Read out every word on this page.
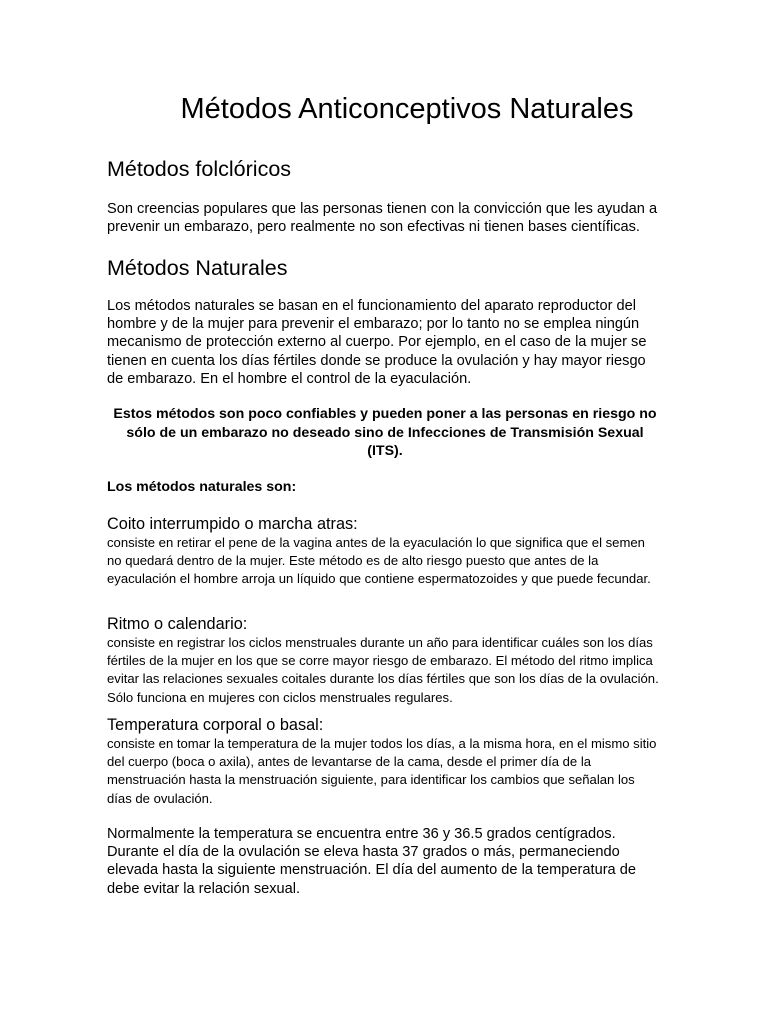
Métodos Anticonceptivos Naturales
Métodos folclóricos

Son creencias populares que las personas tienen con la convicción que les ayudan a prevenir un embarazo, pero realmente no son efectivas ni tienen bases científicas.

Métodos Naturales

Los métodos naturales se basan en el funcionamiento del aparato reproductor del hombre y de la mujer para prevenir el embarazo; por lo tanto no se emplea ningún mecanismo de protección externo al cuerpo. Por ejemplo, en el caso de la mujer se tienen en cuenta los días fértiles donde se produce la ovulación y hay mayor riesgo de embarazo. En el hombre el control de la eyaculación.

Estos métodos son poco confiables y pueden poner a las personas en riesgo no sólo de un embarazo no deseado sino de Infecciones de Transmisión Sexual (ITS).

Los métodos naturales son:

Coito interrumpido o marcha atras:

consiste en retirar el pene de la vagina antes de la eyaculación lo que significa que el semen no quedará dentro de la mujer. Este método es de alto riesgo puesto que antes de la eyaculación el hombre arroja un líquido que contiene espermatozoides y que puede fecundar.

Ritmo o calendario:

consiste en registrar los ciclos menstruales durante un año para identificar cuáles son los días fértiles de la mujer en los que se corre mayor riesgo de embarazo. El método del ritmo implica evitar las relaciones sexuales coitales durante los días fértiles que son los días de la ovulación. Sólo funciona en mujeres con ciclos menstruales regulares.

Temperatura corporal o basal:

consiste en tomar la temperatura de la mujer todos los días, a la misma hora, en el mismo sitio del cuerpo (boca o axila), antes de levantarse de la cama, desde el primer día de la menstruación hasta la menstruación siguiente, para identificar los cambios que señalan los días de ovulación.

Normalmente la temperatura se encuentra entre 36 y 36.5 grados centígrados. Durante el día de la ovulación se eleva hasta 37 grados o más, permaneciendo elevada hasta la siguiente menstruación. El día del aumento de la temperatura de debe evitar la relación sexual.
